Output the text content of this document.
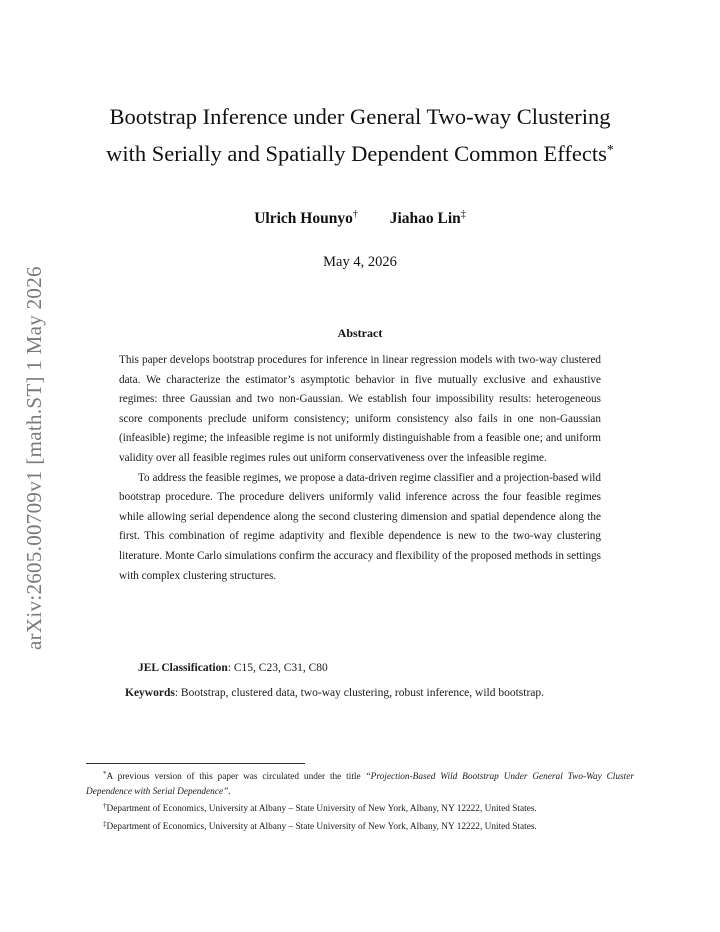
arXiv:2605.00709v1 [math.ST] 1 May 2026
Bootstrap Inference under General Two-way Clustering
with Serially and Spatially Dependent Common Effects*
Ulrich Hounyo† Jiahao Lin‡
May 4, 2026
Abstract

This paper develops bootstrap procedures for inference in linear regression models with two-way clustered data. We characterize the estimator’s asymptotic behavior in five mutually exclusive and exhaustive regimes: three Gaussian and two non-Gaussian. We establish four impossibility results: heterogeneous score components preclude uniform consistency; uniform consistency also fails in one non-Gaussian (infeasible) regime; the infeasible regime is not uniformly distinguishable from a feasible one; and uniform validity over all feasible regimes rules out uniform conservativeness over the infeasible regime.

To address the feasible regimes, we propose a data-driven regime classifier and a projection-based wild bootstrap procedure. The procedure delivers uniformly valid inference across the four feasible regimes while allowing serial dependence along the second clustering dimension and spatial dependence along the first. This combination of regime adaptivity and flexible dependence is new to the two-way clustering literature. Monte Carlo simulations confirm the accuracy and flexibility of the proposed methods in settings with complex clustering structures.

JEL Classification: C15, C23, C31, C80
Keywords: Bootstrap, clustered data, two-way clustering, robust inference, wild bootstrap.

*A previous version of this paper was circulated under the title “Projection-Based Wild Bootstrap Under General Two-Way Cluster Dependence with Serial Dependence”.

†Department of Economics, University at Albany – State University of New York, Albany, NY 12222, United States.

‡Department of Economics, University at Albany – State University of New York, Albany, NY 12222, United States.
